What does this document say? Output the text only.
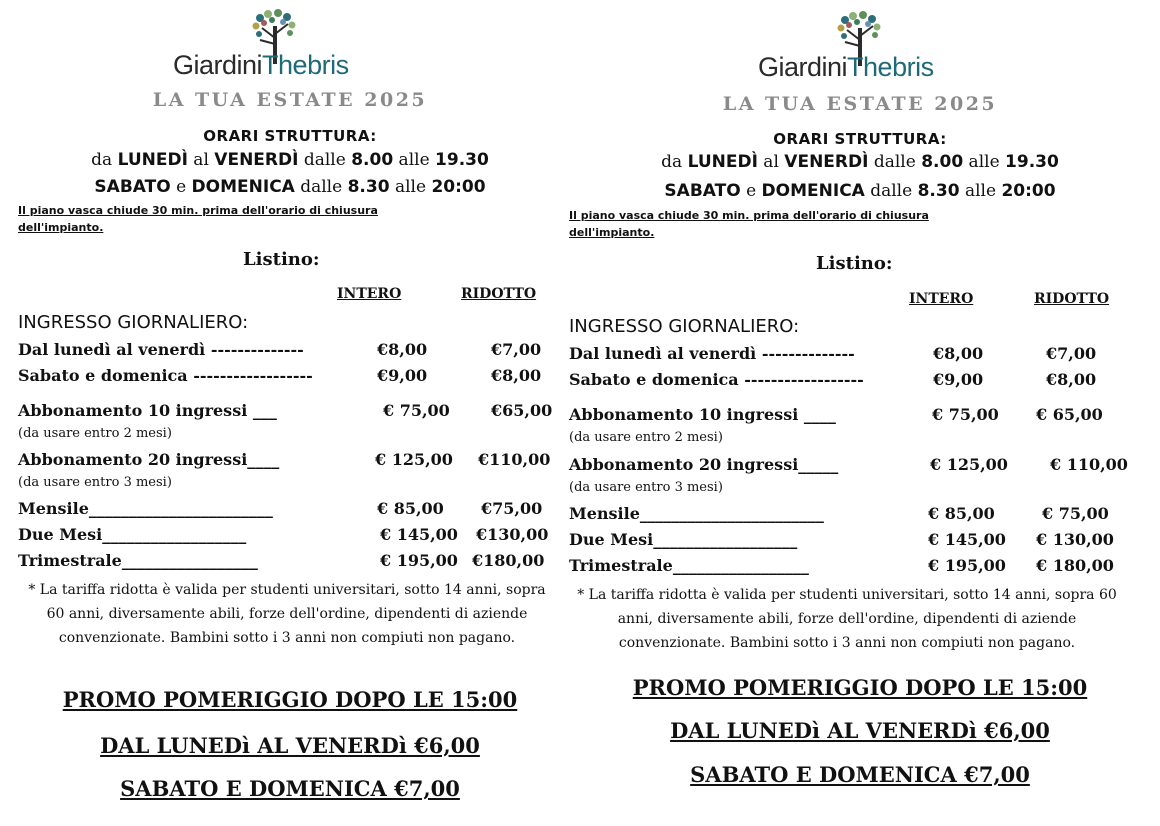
GiardiniThebris
LA TUA ESTATE 2025
ORARI STRUTTURA:
da LUNEDÌ al VENERDÌ dalle 8.00 alle 19.30
SABATO e DOMENICA dalle 8.30 alle 20:00
Il piano vasca chiude 30 min. prima dell'orario di chiusura
dell'impianto.
Listino:
INTERO	RIDOTTO
INGRESSO GIORNALIERO:
Dal lunedì al venerdì --------------	€8,00	€7,00
Sabato e domenica ------------------	€9,00	€8,00
Abbonamento 10 ingressi ___	€ 75,00	€65,00
(da usare entro 2 mesi)
Abbonamento 20 ingressi____	€ 125,00 €110,00
(da usare entro 3 mesi)
Mensile_______________________	€ 85,00 €75,00
Due Mesi__________________	€ 145,00 €130,00
Trimestrale_________________	€ 195,00 €180,00
* La tariffa ridotta è valida per studenti universitari, sotto 14 anni, sopra 60 anni, diversamente abili, forze dell'ordine, dipendenti di aziende convenzionate. Bambini sotto i 3 anni non compiuti non pagano.
PROMO POMERIGGIO DOPO LE 15:00
DAL LUNEDì AL VENERDì €6,00
SABATO E DOMENICA €7,00
GiardiniThebris
LA TUA ESTATE 2025
ORARI STRUTTURA:
da LUNEDÌ al VENERDÌ dalle 8.00 alle 19.30
SABATO e DOMENICA dalle 8.30 alle 20:00
Il piano vasca chiude 30 min. prima dell'orario di chiusura
dell'impianto.
Listino:
INTERO	RIDOTTO
INGRESSO GIORNALIERO:
Dal lunedì al venerdì --------------	€8,00	€7,00
Sabato e domenica ------------------	€9,00	€8,00
Abbonamento 10 ingressi ____	€ 75,00 € 65,00
(da usare entro 2 mesi)
Abbonamento 20 ingressi_____	€ 125,00	€ 110,00
(da usare entro 3 mesi)
Mensile_______________________	€ 85,00	€ 75,00
Due Mesi__________________	€ 145,00 € 130,00
Trimestrale_________________	€ 195,00 € 180,00
* La tariffa ridotta è valida per studenti universitari, sotto 14 anni, sopra 60 anni, diversamente abili, forze dell'ordine, dipendenti di aziende convenzionate. Bambini sotto i 3 anni non compiuti non pagano.
PROMO POMERIGGIO DOPO LE 15:00
DAL LUNEDì AL VENERDì €6,00
SABATO E DOMENICA €7,00
